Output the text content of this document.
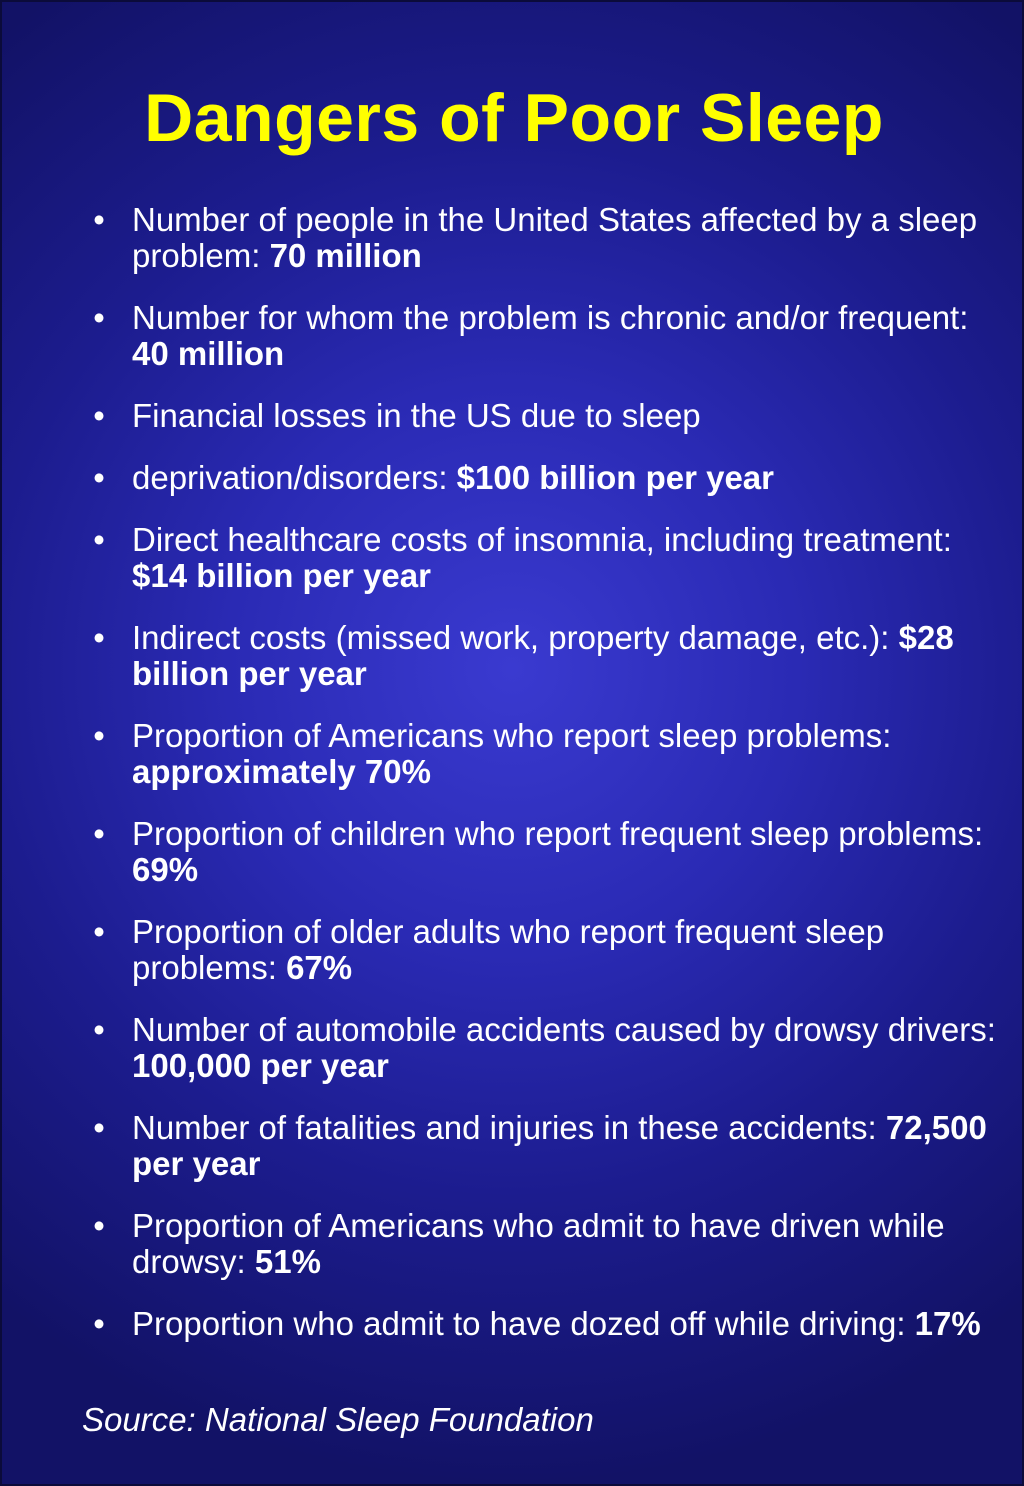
Dangers of Poor Sleep
• Number of people in the United States affected by a sleep problem: 70 million
• Number for whom the problem is chronic and/or frequent: 40 million
• Financial losses in the US due to sleep
• deprivation/disorders: $100 billion per year
• Direct healthcare costs of insomnia, including treatment: $14 billion per year
• Indirect costs (missed work, property damage, etc.): $28 billion per year
• Proportion of Americans who report sleep problems: approximately 70%
• Proportion of children who report frequent sleep problems: 69%
• Proportion of older adults who report frequent sleep problems: 67%
• Number of automobile accidents caused by drowsy drivers: 100,000 per year
• Number of fatalities and injuries in these accidents: 72,500 per year
• Proportion of Americans who admit to have driven while drowsy: 51%
• Proportion who admit to have dozed off while driving: 17%

Source: National Sleep Foundation
